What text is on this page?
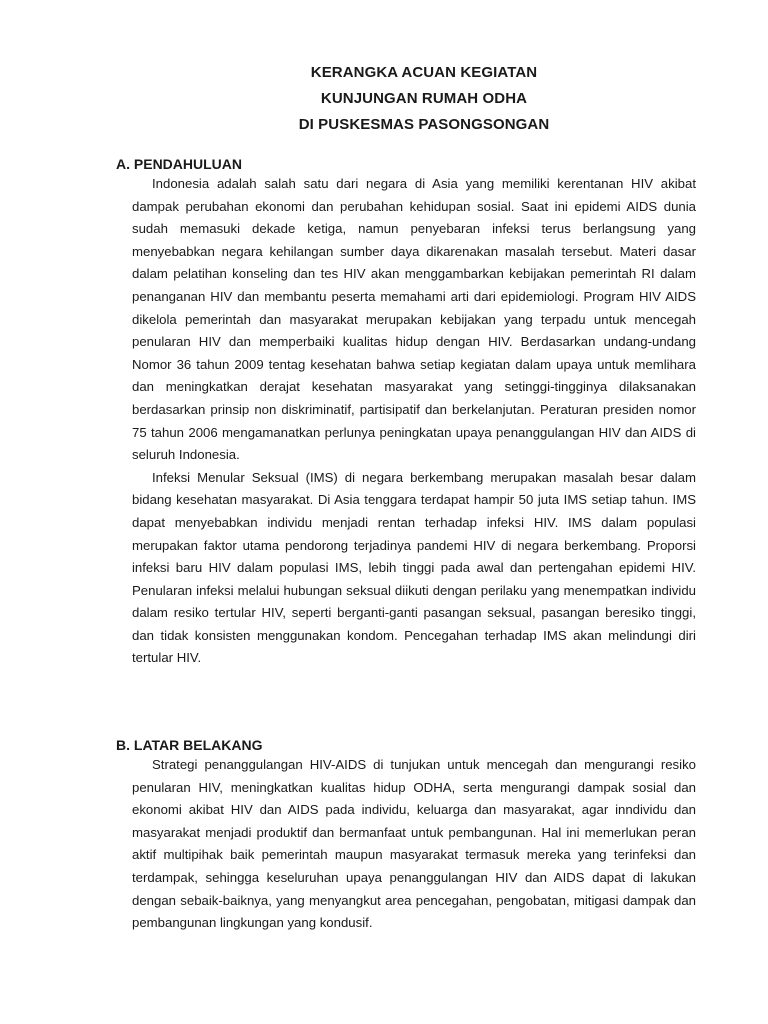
KERANGKA ACUAN KEGIATAN
KUNJUNGAN RUMAH ODHA
DI PUSKESMAS PASONGSONGAN
A. PENDAHULUAN

Indonesia adalah salah satu dari negara di Asia yang memiliki kerentanan HIV akibat dampak perubahan ekonomi dan perubahan kehidupan sosial. Saat ini epidemi AIDS dunia sudah memasuki dekade ketiga, namun penyebaran infeksi terus berlangsung yang menyebabkan negara kehilangan sumber daya dikarenakan masalah tersebut. Materi dasar dalam pelatihan konseling dan tes HIV akan menggambarkan kebijakan pemerintah RI dalam penanganan HIV dan membantu peserta memahami arti dari epidemiologi. Program HIV AIDS dikelola pemerintah dan masyarakat merupakan kebijakan yang terpadu untuk mencegah penularan HIV dan memperbaiki kualitas hidup dengan HIV. Berdasarkan undang-undang Nomor 36 tahun 2009 tentag kesehatan bahwa setiap kegiatan dalam upaya untuk memlihara dan meningkatkan derajat kesehatan masyarakat yang setinggi-tingginya dilaksanakan berdasarkan prinsip non diskriminatif, partisipatif dan berkelanjutan. Peraturan presiden nomor 75 tahun 2006 mengamanatkan perlunya peningkatan upaya penanggulangan HIV dan AIDS di seluruh Indonesia.

Infeksi Menular Seksual (IMS) di negara berkembang merupakan masalah besar dalam bidang kesehatan masyarakat. Di Asia tenggara terdapat hampir 50 juta IMS setiap tahun. IMS dapat menyebabkan individu menjadi rentan terhadap infeksi HIV. IMS dalam populasi merupakan faktor utama pendorong terjadinya pandemi HIV di negara berkembang. Proporsi infeksi baru HIV dalam populasi IMS, lebih tinggi pada awal dan pertengahan epidemi HIV. Penularan infeksi melalui hubungan seksual diikuti dengan perilaku yang menempatkan individu dalam resiko tertular HIV, seperti berganti-ganti pasangan seksual, pasangan beresiko tinggi, dan tidak konsisten menggunakan kondom. Pencegahan terhadap IMS akan melindungi diri tertular HIV.

B. LATAR BELAKANG

Strategi penanggulangan HIV-AIDS di tunjukan untuk mencegah dan mengurangi resiko penularan HIV, meningkatkan kualitas hidup ODHA, serta mengurangi dampak sosial dan ekonomi akibat HIV dan AIDS pada individu, keluarga dan masyarakat, agar inndividu dan masyarakat menjadi produktif dan bermanfaat untuk pembangunan. Hal ini memerlukan peran aktif multipihak baik pemerintah maupun masyarakat termasuk mereka yang terinfeksi dan terdampak, sehingga keseluruhan upaya penanggulangan HIV dan AIDS dapat di lakukan dengan sebaik-baiknya, yang menyangkut area pencegahan, pengobatan, mitigasi dampak dan pembangunan lingkungan yang kondusif.
